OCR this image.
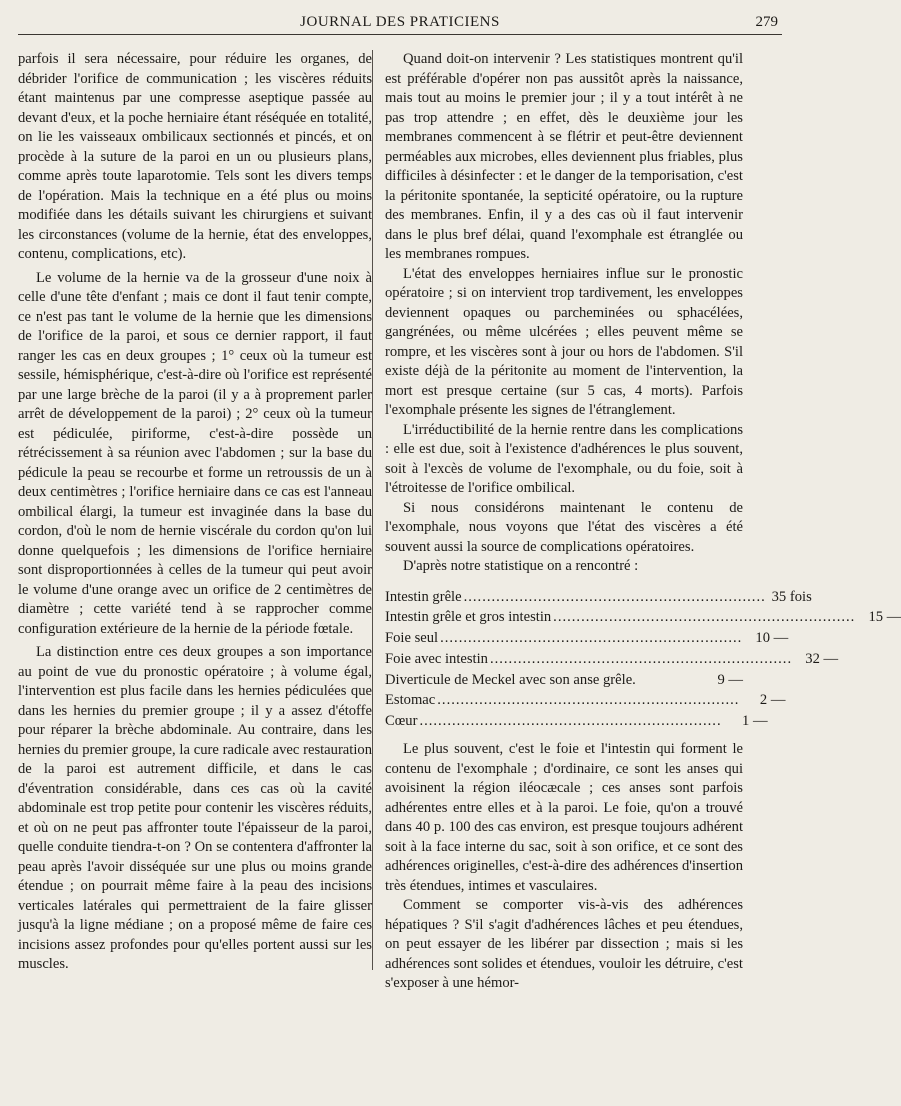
JOURNAL DES PRATICIENS	279

parfois il sera nécessaire, pour réduire les organes, de débrider l'orifice de communication ; les viscères réduits étant maintenus par une compresse aseptique passée au devant d'eux, et la poche herniaire étant réséquée en totalité, on lie les vaisseaux ombilicaux sectionnés et pincés, et on procède à la suture de la paroi en un ou plusieurs plans, comme après toute laparotomie. Tels sont les divers temps de l'opération. Mais la technique en a été plus ou moins modifiée dans les détails suivant les chirurgiens et suivant les circonstances (volume de la hernie, état des enveloppes, contenu, complications, etc).

Le volume de la hernie va de la grosseur d'une noix à celle d'une tête d'enfant ; mais ce dont il faut tenir compte, ce n'est pas tant le volume de la hernie que les dimensions de l'orifice de la paroi, et sous ce dernier rapport, il faut ranger les cas en deux groupes ; 1° ceux où la tumeur est sessile, hémisphérique, c'est-à-dire où l'orifice est représenté par une large brèche de la paroi (il y a à proprement parler arrêt de développement de la paroi) ; 2° ceux où la tumeur est pédiculée, piriforme, c'est-à-dire possède un rétrécissement à sa réunion avec l'abdomen ; sur la base du pédicule la peau se recourbe et forme un retroussis de un à deux centimètres ; l'orifice herniaire dans ce cas est l'anneau ombilical élargi, la tumeur est invaginée dans la base du cordon, d'où le nom de hernie viscérale du cordon qu'on lui donne quelquefois ; les dimensions de l'orifice herniaire sont disproportionnées à celles de la tumeur qui peut avoir le volume d'une orange avec un orifice de 2 centimètres de diamètre ; cette variété tend à se rapprocher comme configuration extérieure de la hernie de la période fœtale.

La distinction entre ces deux groupes a son importance au point de vue du pronostic opératoire ; à volume égal, l'intervention est plus facile dans les hernies pédiculées que dans les hernies du premier groupe ; il y a assez d'étoffe pour réparer la brèche abdominale. Au contraire, dans les hernies du premier groupe, la cure radicale avec restauration de la paroi est autrement difficile, et dans le cas d'éventration considérable, dans ces cas où la cavité abdominale est trop petite pour contenir les viscères réduits, et où on ne peut pas affronter toute l'épaisseur de la paroi, quelle conduite tiendra-t-on ? On se contentera d'affronter la peau après l'avoir disséquée sur une plus ou moins grande étendue ; on pourrait même faire à la peau des incisions verticales latérales qui permettraient de la faire glisser jusqu'à la ligne médiane ; on a proposé même de faire ces incisions assez profondes pour qu'elles portent aussi sur les muscles.

Quand doit-on intervenir ? Les statistiques montrent qu'il est préférable d'opérer non pas aussitôt après la naissance, mais tout au moins le premier jour ; il y a tout intérêt à ne pas trop attendre ; en effet, dès le deuxième jour les membranes commencent à se flétrir et peut-être deviennent perméables aux microbes, elles deviennent plus friables, plus difficiles à désinfecter : et le danger de la temporisation, c'est la péritonite spontanée, la septicité opératoire, ou la rupture des membranes. Enfin, il y a des cas où il faut intervenir dans le plus bref délai, quand l'exomphale est étranglée ou les membranes rompues.

L'état des enveloppes herniaires influe sur le pronostic opératoire ; si on intervient trop tardivement, les enveloppes deviennent opaques ou parcheminées ou sphacélées, gangrénées, ou même ulcérées ; elles peuvent même se rompre, et les viscères sont à jour ou hors de l'abdomen. S'il existe déjà de la péritonite au moment de l'intervention, la mort est presque certaine (sur 5 cas, 4 morts). Parfois l'exomphale présente les signes de l'étranglement.

L'irréductibilité de la hernie rentre dans les complications : elle est due, soit à l'existence d'adhérences le plus souvent, soit à l'excès de volume de l'exomphale, ou du foie, soit à l'étroitesse de l'orifice ombilical.

Si nous considérons maintenant le contenu de l'exomphale, nous voyons que l'état des viscères a été souvent aussi la source de complications opératoires.

D'après notre statistique on a rencontré :

Intestin grêle ................................................................. 35 fois
Intestin grêle et gros intestin ................................................................. 15 —
Foie seul ................................................................. 10 —
Foie avec intestin ................................................................. 32 —
Diverticule de Meckel avec son anse grêle.	9 —
Estomac .................................................................	2 —
Cœur .................................................................	1 —

Le plus souvent, c'est le foie et l'intestin qui forment le contenu de l'exomphale ; d'ordinaire, ce sont les anses qui avoisinent la région iléocæcale ; ces anses sont parfois adhérentes entre elles et à la paroi. Le foie, qu'on a trouvé dans 40 p. 100 des cas environ, est presque toujours adhérent soit à la face interne du sac, soit à son orifice, et ce sont des adhérences originelles, c'est-à-dire des adhérences d'insertion très étendues, intimes et vasculaires.

Comment se comporter vis-à-vis des adhérences hépatiques ? S'il s'agit d'adhérences lâches et peu étendues, on peut essayer de les libérer par dissection ; mais si les adhérences sont solides et étendues, vouloir les détruire, c'est s'exposer à une hémor-
